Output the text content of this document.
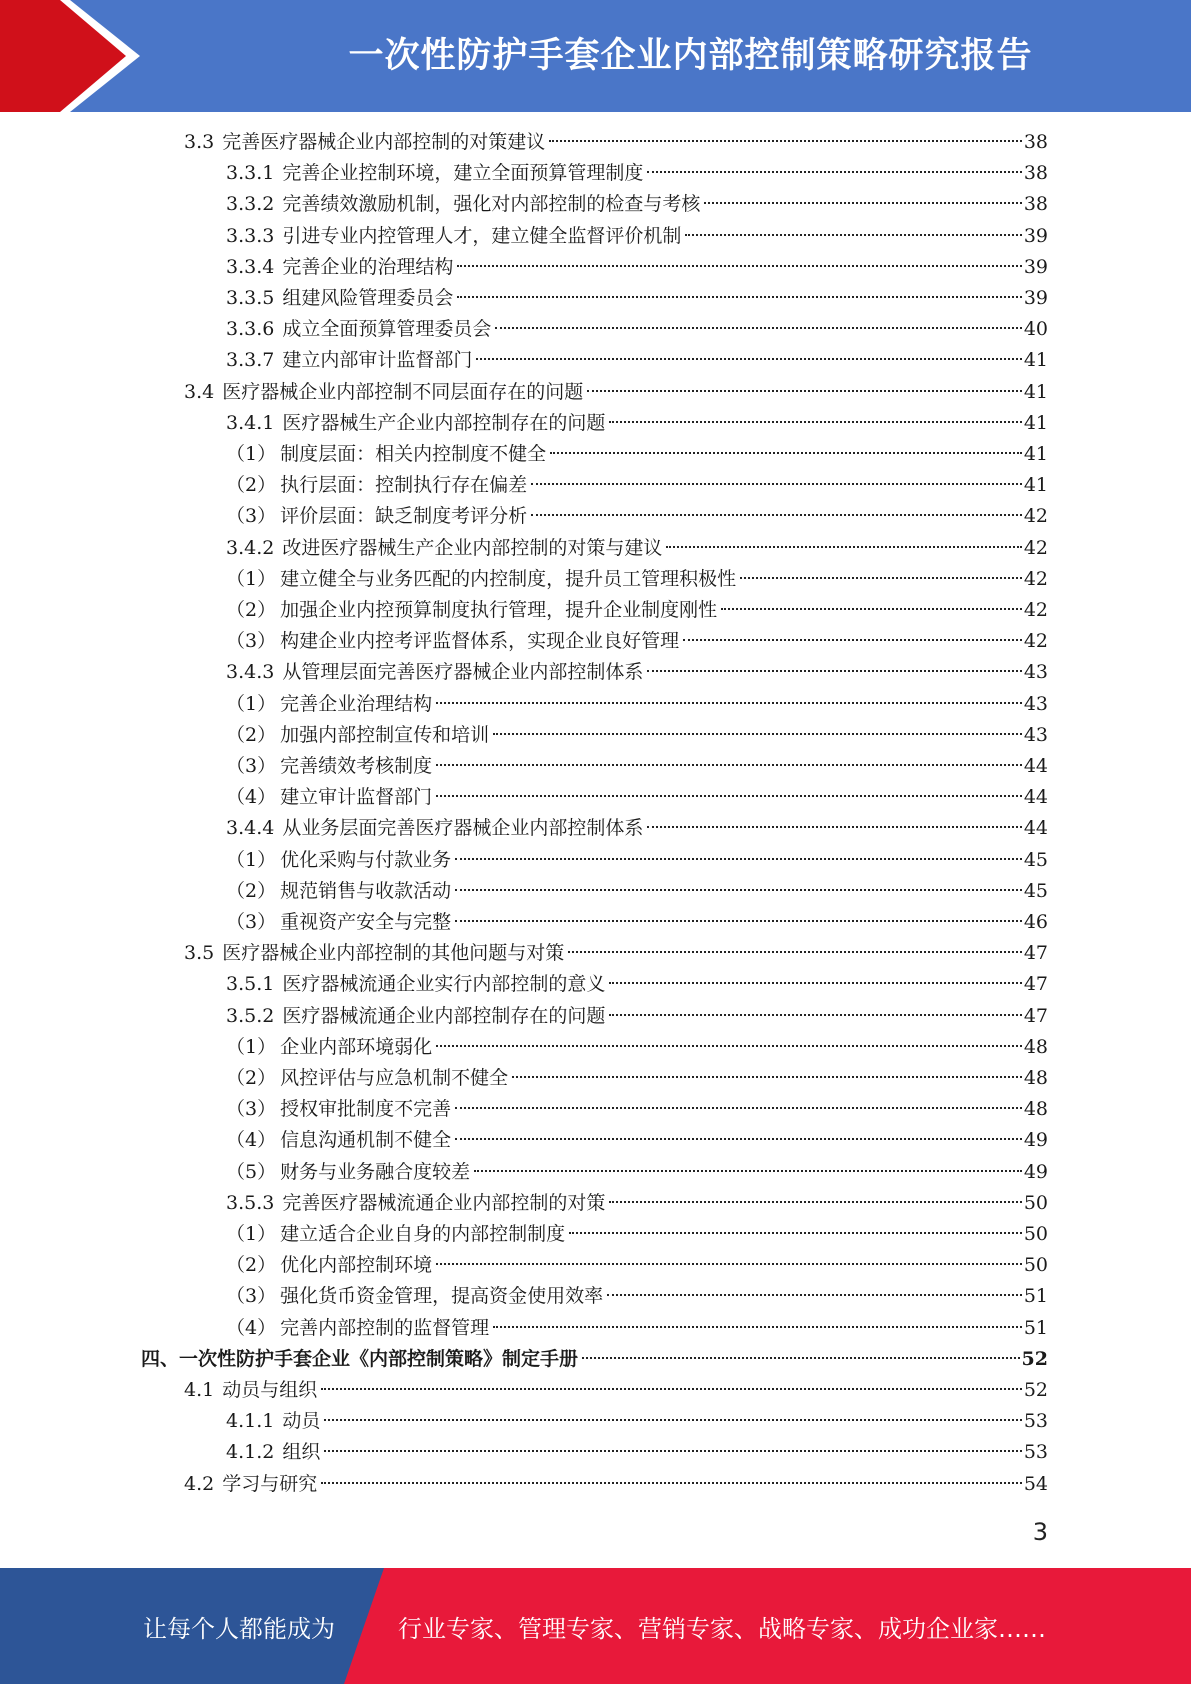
一次性防护手套企业内部控制策略研究报告
3.3 完善医疗器械企业内部控制的对策建议	38
3.3.1 完善企业控制环境，建立全面预算管理制度	38
3.3.2 完善绩效激励机制，强化对内部控制的检查与考核	38
3.3.3 引进专业内控管理人才，建立健全监督评价机制	39
3.3.4 完善企业的治理结构	39
3.3.5 组建风险管理委员会	39
3.3.6 成立全面预算管理委员会	40
3.3.7 建立内部审计监督部门	41
3.4 医疗器械企业内部控制不同层面存在的问题	41
3.4.1 医疗器械生产企业内部控制存在的问题	41
（1） 制度层面：相关内控制度不健全	41
（2） 执行层面：控制执行存在偏差	41
（3） 评价层面：缺乏制度考评分析	42
3.4.2 改进医疗器械生产企业内部控制的对策与建议	42
（1） 建立健全与业务匹配的内控制度，提升员工管理积极性	42
（2） 加强企业内控预算制度执行管理，提升企业制度刚性	42
（3） 构建企业内控考评监督体系，实现企业良好管理	42
3.4.3 从管理层面完善医疗器械企业内部控制体系	43
（1） 完善企业治理结构	43
（2） 加强内部控制宣传和培训	43
（3） 完善绩效考核制度	44
（4） 建立审计监督部门	44
3.4.4 从业务层面完善医疗器械企业内部控制体系	44
（1） 优化采购与付款业务	45
（2） 规范销售与收款活动	45
（3） 重视资产安全与完整	46
3.5 医疗器械企业内部控制的其他问题与对策	47
3.5.1 医疗器械流通企业实行内部控制的意义	47
3.5.2 医疗器械流通企业内部控制存在的问题	47
（1） 企业内部环境弱化	48
（2） 风控评估与应急机制不健全	48
（3） 授权审批制度不完善	48
（4） 信息沟通机制不健全	49
（5） 财务与业务融合度较差	49
3.5.3 完善医疗器械流通企业内部控制的对策	50
（1） 建立适合企业自身的内部控制制度	50
（2） 优化内部控制环境	50
（3） 强化货币资金管理，提高资金使用效率	51
（4） 完善内部控制的监督管理	51
四、一次性防护手套企业《内部控制策略》制定手册	52
4.1 动员与组织	52
4.1.1 动员	53
4.1.2 组织	53
4.2 学习与研究	54
3
让每个人都能成为	行业专家、管理专家、营销专家、战略专家、成功企业家……
